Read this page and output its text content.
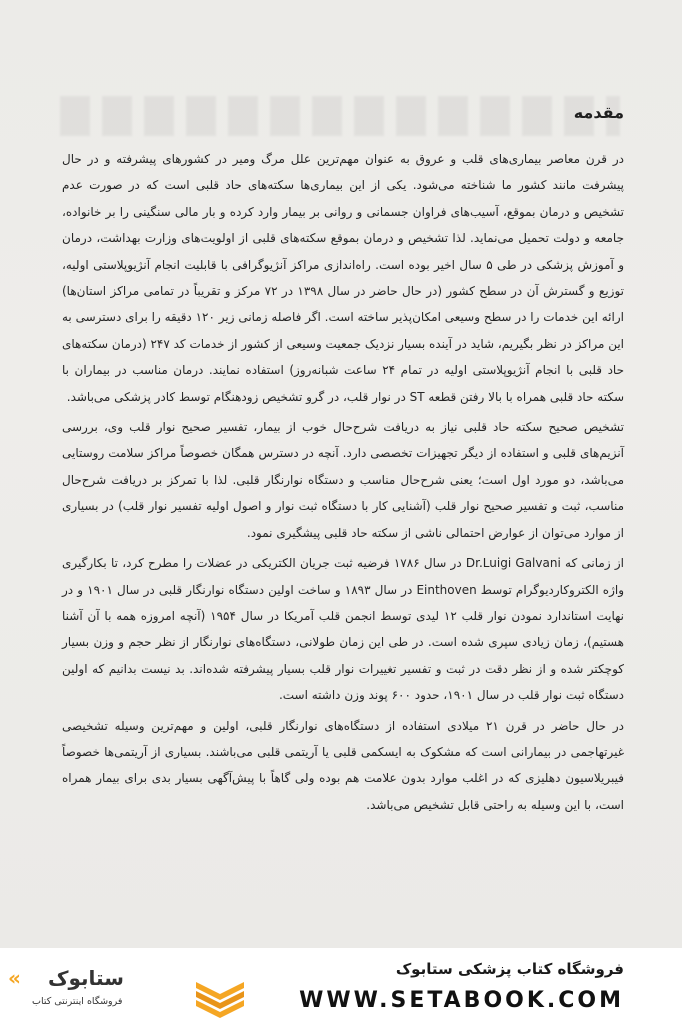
مقدمه

در قرن معاصر بیماری‌های قلب و عروق به عنوان مهم‌ترین علل مرگ ومیر در کشورهای پیشرفته و در حال پیشرفت مانند کشور ما شناخته می‌شود. یکی از این بیماری‌ها سکته‌های حاد قلبی است که در صورت عدم تشخیص و درمان بموقع، آسیب‌های فراوان جسمانی و روانی بر بیمار وارد کرده و بار مالی سنگینی را بر خانواده، جامعه و دولت تحمیل می‌نماید. لذا تشخیص و درمان بموقع سکته‌های قلبی از اولویت‌های وزارت بهداشت، درمان و آموزش پزشکی در طی ۵ سال اخیر بوده است. راه‌اندازی مراکز آنژیوگرافی با قابلیت انجام آنژیوپلاستی اولیه، توزیع و گسترش آن در سطح کشور (در حال حاضر در سال ۱۳۹۸ در ۷۲ مرکز و تقریباً در تمامی مراکز استان‌ها) ارائه این خدمات را در سطح وسیعی امکان‌پذیر ساخته است. اگر فاصله زمانی زیر ۱۲۰ دقیقه را برای دسترسی به این مراکز در نظر بگیریم، شاید در آینده بسیار نزدیک جمعیت وسیعی از کشور از خدمات کد ۲۴۷ (درمان سکته‌های حاد قلبی با انجام آنژیوپلاستی اولیه در تمام ۲۴ ساعت شبانه‌روز) استفاده نمایند. درمان مناسب در بیماران با سکته حاد قلبی همراه با بالا رفتن قطعه ST در نوار قلب، در گرو تشخیص زودهنگام توسط کادر پزشکی می‌باشد.

تشخیص صحیح سکته حاد قلبی نیاز به دریافت شرح‌حال خوب از بیمار، تفسیر صحیح نوار قلب وی، بررسی آنزیم‌های قلبی و استفاده از دیگر تجهیزات تخصصی دارد. آنچه در دسترس همگان خصوصاً مراکز سلامت روستایی می‌باشد، دو مورد اول است؛ یعنی شرح‌حال مناسب و دستگاه نوارنگار قلبی. لذا با تمرکز بر دریافت شرح‌حال مناسب، ثبت و تفسیر صحیح نوار قلب (آشنایی کار با دستگاه ثبت نوار و اصول اولیه تفسیر نوار قلب) در بسیاری از موارد می‌توان از عوارض احتمالی ناشی از سکته حاد قلبی پیشگیری نمود.

از زمانی که Dr.Luigi Galvani در سال ۱۷۸۶ فرضیه ثبت جریان الکتریکی در عضلات را مطرح کرد، تا بکارگیری واژه الکتروکاردیوگرام توسط Einthoven در سال ۱۸۹۳ و ساخت اولین دستگاه نوارنگار قلبی در سال ۱۹۰۱ و در نهایت استاندارد نمودن نوار قلب ۱۲ لیدی توسط انجمن قلب آمریکا در سال ۱۹۵۴ (آنچه امروزه همه با آن آشنا هستیم)، زمان زیادی سپری شده است. در طی این زمان طولانی، دستگاه‌های نوارنگار از نظر حجم و وزن بسیار کوچکتر شده و از نظر دقت در ثبت و تفسیر تغییرات نوار قلب بسیار پیشرفته شده‌اند. بد نیست بدانیم که اولین دستگاه ثبت نوار قلب در سال ۱۹۰۱، حدود ۶۰۰ پوند وزن داشته است.

در حال حاضر در قرن ۲۱ میلادی استفاده از دستگاه‌های نوارنگار قلبی، اولین و مهم‌ترین وسیله تشخیصی غیرتهاجمی در بیمارانی است که مشکوک به ایسکمی قلبی یا آریتمی قلبی می‌باشند. بسیاری از آریتمی‌ها خصوصاً فیبریلاسیون دهلیزی که در اغلب موارد بدون علامت هم بوده ولی گاهاً با پیش‌آگهی بسیار بدی برای بیمار همراه است، با این وسیله به راحتی قابل تشخیص می‌باشد.

فروشگاه کتاب پزشکی ستابوک
WWW.SETABOOK.COM
« ستابوک
فروشگاه اینترنتی کتاب
